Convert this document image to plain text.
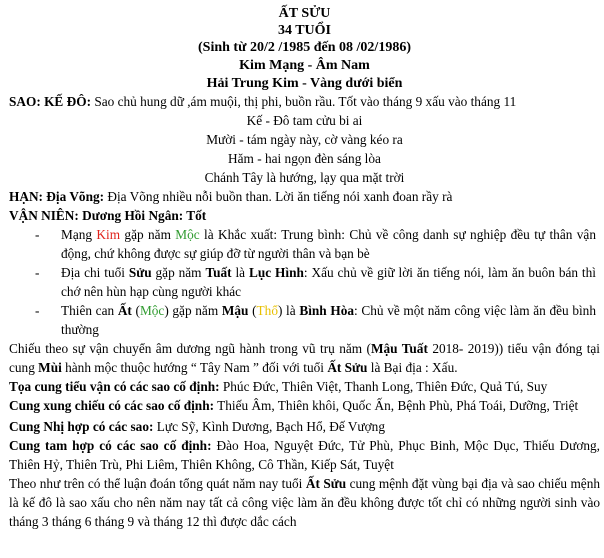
ẤT SỬU
34 TUỔI
(Sinh từ 20/2 /1985 đến 08 /02/1986)
Kim Mạng - Âm Nam
Hải Trung Kim - Vàng dưới biển

SAO: KẾ ĐÔ: Sao chủ hung dữ ,ám muội, thị phi, buồn rầu. Tốt vào tháng 9 xấu vào tháng 11

Kế - Đô tam cửu bi ai
Mười - tám ngày này, cờ vàng kéo ra
Hăm - hai ngọn đèn sáng lòa
Chánh Tây là hướng, lạy qua mặt trời

HẠN: Địa Võng: Địa Võng nhiều nỗi buồn than. Lời ăn tiếng nói xanh đoan rầy rà

VẬN NIÊN: Dương Hồi Ngân: Tốt

- Mạng Kim gặp năm Mộc là Khắc xuất: Trung bình: Chủ về công danh sự nghiệp đều tự thân vận động, chứ không được sự giúp đỡ từ người thân và bạn bè
- Địa chi tuổi Sửu gặp năm Tuất là Lục Hình: Xấu chủ về giữ lời ăn tiếng nói, làm ăn buôn bán thì chớ nên hùn hạp cùng người khác
- Thiên can Ất (Mộc) gặp năm Mậu (Thổ) là Bình Hòa: Chủ về một năm công việc làm ăn đều bình thường

Chiếu theo sự vận chuyển âm dương ngũ hành trong vũ trụ năm (Mậu Tuất 2018- 2019)) tiểu vận đóng tại cung Mùi hành mộc thuộc hướng “ Tây Nam ” đối với tuổi Ất Sửu là Bại địa : Xấu.

Tọa cung tiểu vận có các sao cố định: Phúc Đức, Thiên Việt, Thanh Long, Thiên Đức, Quả Tú, Suy

Cung xung chiếu có các sao cố định: Thiếu Âm, Thiên khôi, Quốc Ấn, Bệnh Phù, Phá Toái, Dưỡng, Triệt

Cung Nhị hợp có các sao: Lực Sỹ, Kình Dương, Bạch Hổ, Đế Vượng

Cung tam hợp có các sao cố định: Đào Hoa, Nguyệt Đức, Tử Phù, Phục Binh, Mộc Dục, Thiếu Dương, Thiên Hỷ, Thiên Trù, Phi Liêm, Thiên Không, Cô Thần, Kiếp Sát, Tuyệt

Theo như trên có thể luận đoán tổng quát năm nay tuổi Ất Sửu cung mệnh đặt vùng bại địa và sao chiếu mệnh là kế đô là sao xấu cho nên năm nay tất cả công việc làm ăn đều không được tốt chỉ có những người sinh vào tháng 3 tháng 6 tháng 9 và tháng 12 thì được dắc cách
